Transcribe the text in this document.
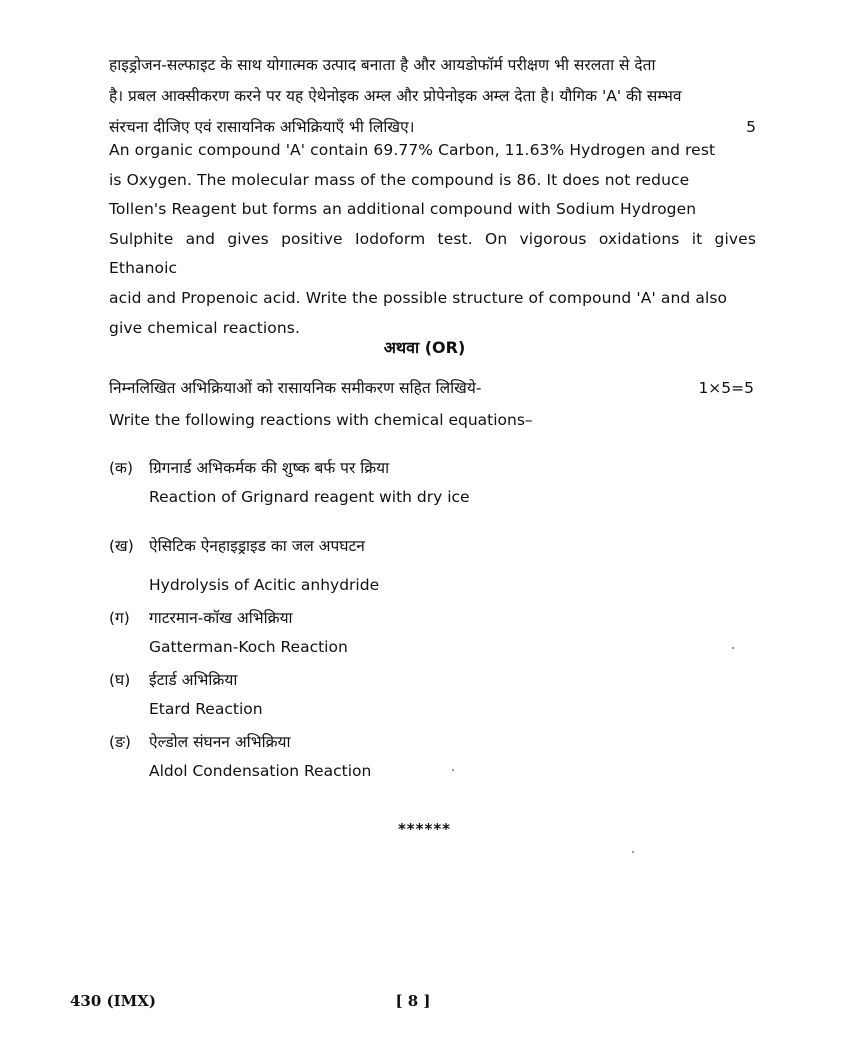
हाइड्रोजन-सल्फाइट के साथ योगात्मक उत्पाद बनाता है और आयडोफॉर्म परीक्षण भी सरलता से देता
है। प्रबल आक्सीकरण करने पर यह ऐथेनोइक अम्ल और प्रोपेनोइक अम्ल देता है। यौगिक 'A' की सम्भव
संरचना दीजिए एवं रासायनिक अभिक्रियाएँ भी लिखिए।	5
An organic compound 'A' contain 69.77% Carbon, 11.63% Hydrogen and rest
is Oxygen. The molecular mass of the compound is 86. It does not reduce
Tollen's Reagent but forms an additional compound with Sodium Hydrogen
Sulphite and gives positive Iodoform test. On vigorous oxidations it gives Ethanoic
acid and Propenoic acid. Write the possible structure of compound 'A' and also
give chemical reactions.
अथवा (OR)
निम्नलिखित अभिक्रियाओं को रासायनिक समीकरण सहित लिखिये-	1×5=5
Write the following reactions with chemical equations–
(क)	ग्रिगनार्ड अभिकर्मक की शुष्क बर्फ पर क्रिया
Reaction of Grignard reagent with dry ice
(ख) ऐसिटिक ऐनहाइड्राइड का जल अपघटन
Hydrolysis of Acitic anhydride
(ग)	गाटरमान-कॉख अभिक्रिया
Gatterman-Koch Reaction
(घ)	ईटार्ड अभिक्रिया
Etard Reaction
(ङ)	ऐल्डोल संघनन अभिक्रिया
Aldol Condensation Reaction
******
430 (IMX)	[ 8 ]
